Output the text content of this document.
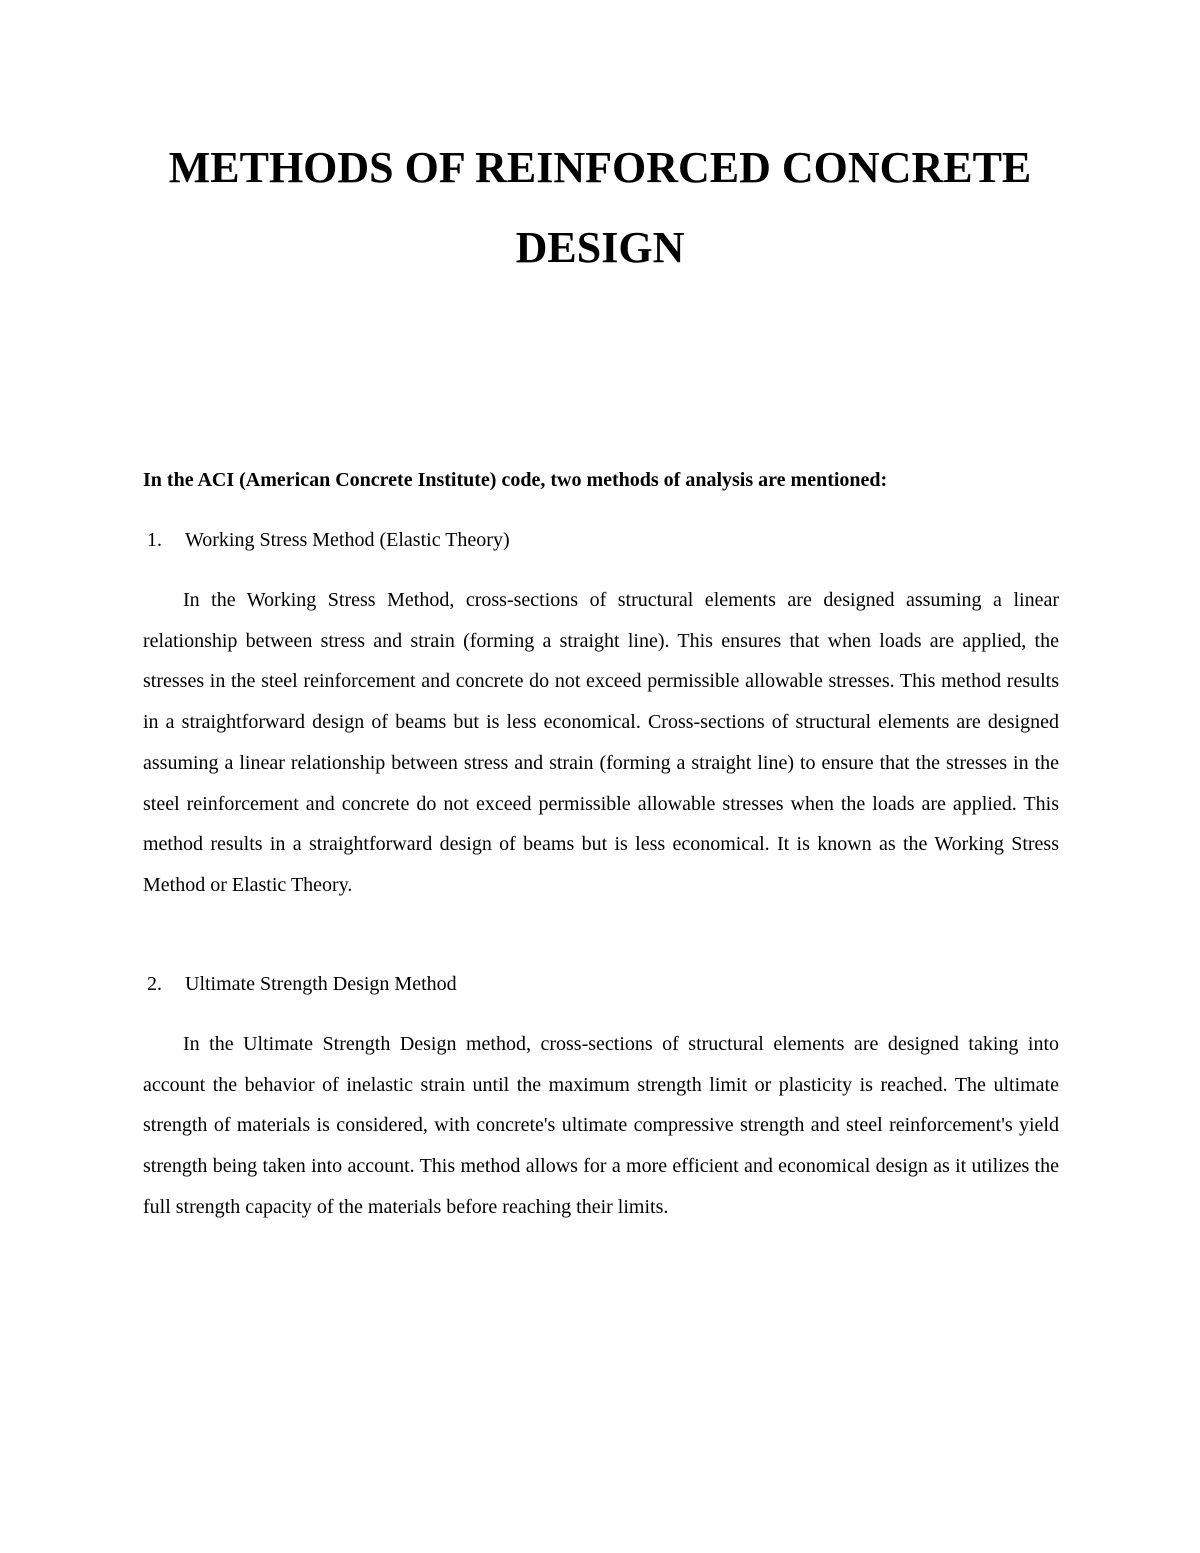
METHODS OF REINFORCED CONCRETE
DESIGN

In the ACI (American Concrete Institute) code, two methods of analysis are mentioned:

1. Working Stress Method (Elastic Theory)

In the Working Stress Method, cross-sections of structural elements are designed assuming a linear relationship between stress and strain (forming a straight line). This ensures that when loads are applied, the stresses in the steel reinforcement and concrete do not exceed permissible allowable stresses. This method results in a straightforward design of beams but is less economical. Cross-sections of structural elements are designed assuming a linear relationship between stress and strain (forming a straight line) to ensure that the stresses in the steel reinforcement and concrete do not exceed permissible allowable stresses when the loads are applied. This method results in a straightforward design of beams but is less economical. It is known as the Working Stress Method or Elastic Theory.

2. Ultimate Strength Design Method

In the Ultimate Strength Design method, cross-sections of structural elements are designed taking into account the behavior of inelastic strain until the maximum strength limit or plasticity is reached. The ultimate strength of materials is considered, with concrete's ultimate compressive strength and steel reinforcement's yield strength being taken into account. This method allows for a more efficient and economical design as it utilizes the full strength capacity of the materials before reaching their limits.
